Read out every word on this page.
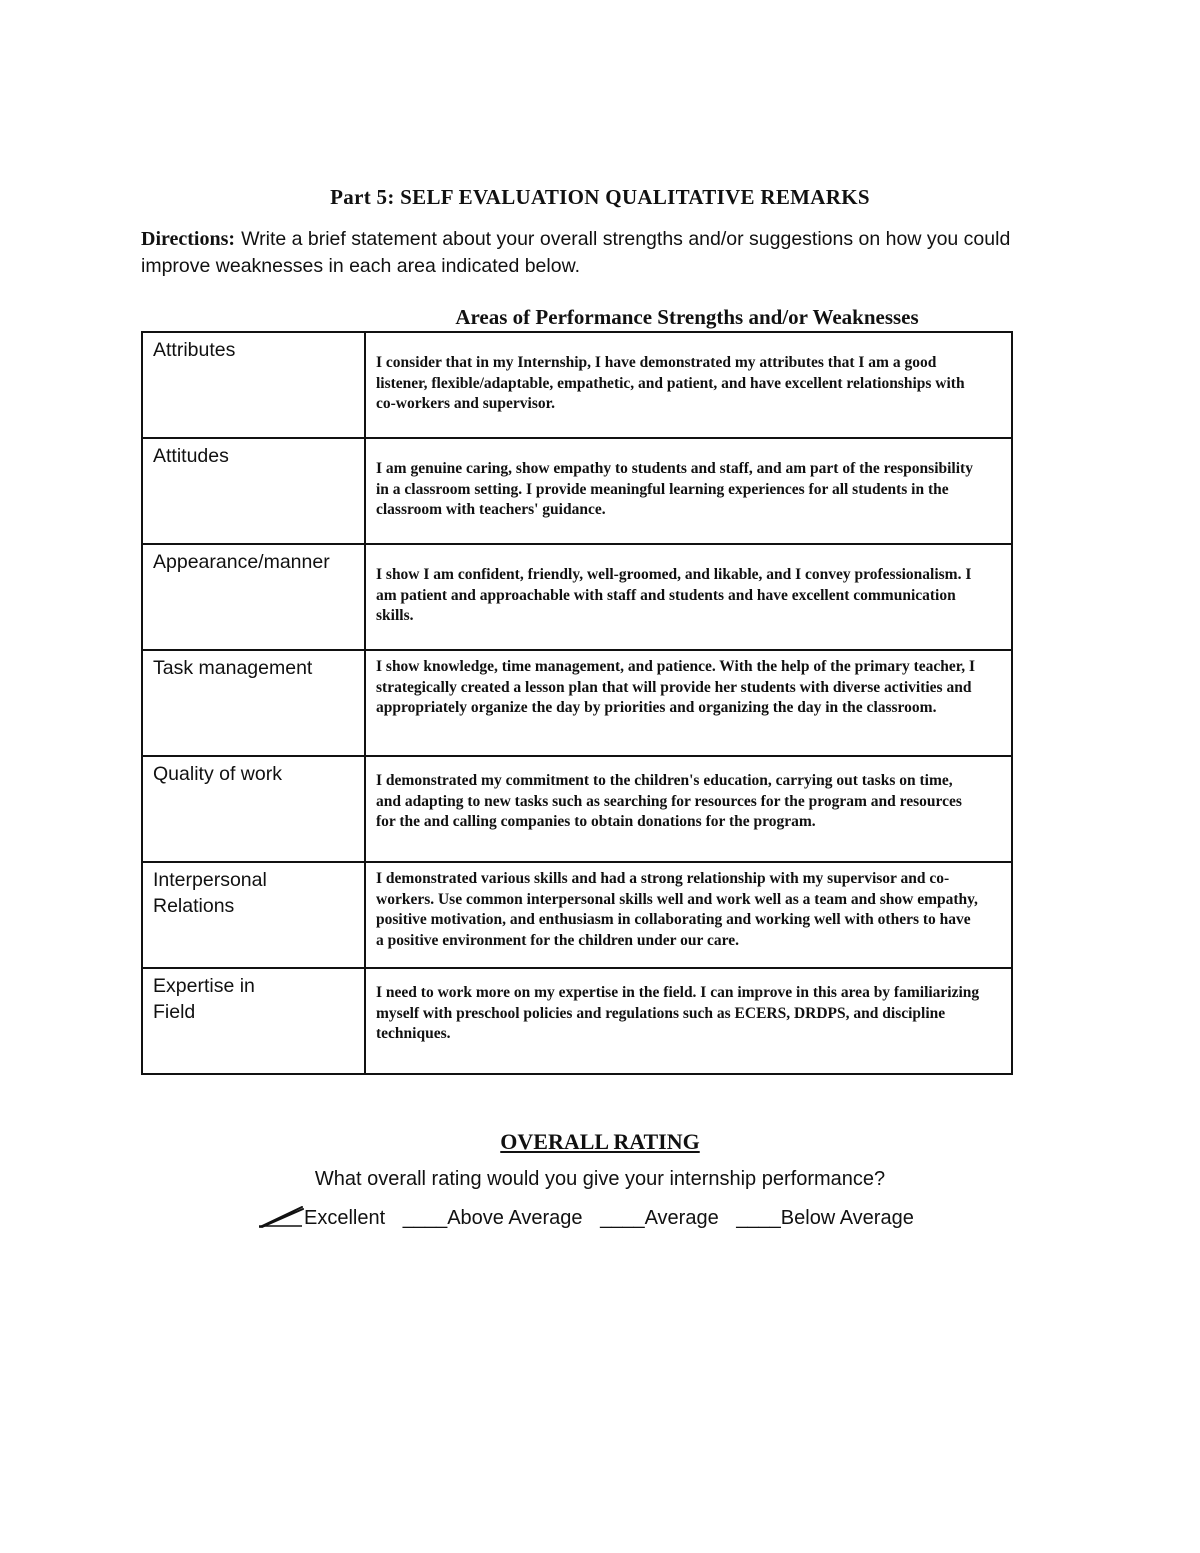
Part 5: SELF EVALUATION QUALITATIVE REMARKS
Directions: Write a brief statement about your overall strengths and/or suggestions on how you could improve weaknesses in each area indicated below.
Areas of Performance Strengths and/or Weaknesses
Attributes	I consider that in my Internship, I have demonstrated my attributes that I am a good listener, flexible/adaptable, empathetic, and patient, and have excellent relationships with co-workers and supervisor.

Attitudes	I am genuine caring, show empathy to students and staff, and am part of the responsibility in a classroom setting. I provide meaningful learning experiences for all students in the classroom with teachers' guidance.

Appearance/manner	I show I am confident, friendly, well-groomed, and likable, and I convey professionalism. I am patient and approachable with staff and students and have excellent communication skills.

Task management	I show knowledge, time management, and patience. With the help of the primary teacher, I strategically created a lesson plan that will provide her students with diverse activities and appropriately organize the day by priorities and organizing the day in the classroom.

Quality of work	I demonstrated my commitment to the children's education, carrying out tasks on time, and adapting to new tasks such as searching for resources for the program and resources for the and calling companies to obtain donations for the program.

Interpersonal Relations	I demonstrated various skills and had a strong relationship with my supervisor and co-workers. Use common interpersonal skills well and work well as a team and show empathy, positive motivation, and enthusiasm in collaborating and working well with others to have a positive environment for the children under our care.

Expertise in Field	I need to work more on my expertise in the field. I can improve in this area by familiarizing myself with preschool policies and regulations such as ECERS, DRDPS, and discipline techniques.
OVERALL RATING
What overall rating would you give your internship performance?
Excellent ____Above Average ____Average ____Below Average
